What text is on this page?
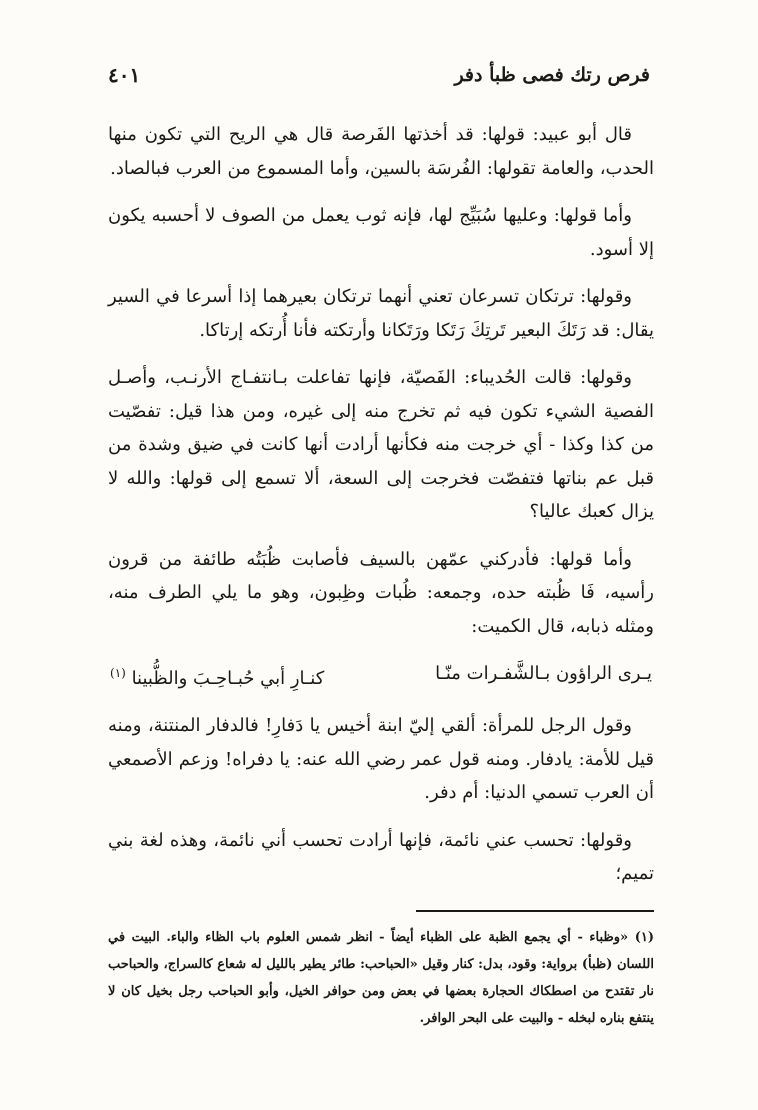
فرص رتك فصى ظبأ دفر
٤٠١

قال أبو عبيد: قولها: قد أخذتها الفَرصة قال هي الريح التي تكون منها الحدب، والعامة تقولها: الفُرسَة بالسين، وأما المسموع من العرب فبالصاد.

وأما قولها: وعليها سُبَيِّج لها، فإنه ثوب يعمل من الصوف لا أحسبه يكون إلا أسود.

وقولها: ترتكان تسرعان تعني أنهما ترتكان بعيرهما إذا أسرعا في السير يقال: قد رَتَكَ البعير تَرتِكَ رَتَكا ورَتَكانا وأرتكته فأنا أُرتكه إرتاكا.

وقولها: قالت الحُديباء: الفَصيّة، فإنها تفاعلت بـانتفـاج الأرنـب، وأصـل الفصية الشيء تكون فيه ثم تخرج منه إلى غيره، ومن هذا قيل: تفصّيت من كذا وكذا - أي خرجت منه فكأنها أرادت أنها كانت في ضيق وشدة من قبل عم بناتها فتفصّت فخرجت إلى السعة، ألا تسمع إلى قولها: والله لا يزال كعبك عاليا؟

وأما قولها: فأدركني عمّهن بالسيف فأصابت ظُبَتُه طائفة من قرون رأسيه، فَا ظُبته حده، وجمعه: ظُبات وظِبون، وهو ما يلي الطرف منه، ومثله ذبابه، قال الكميت:

يـرى الراؤون بـالشَّفـرات منّـا
كنـارِ أبي حُبـاحِـبَ والظُّبينا $^{(١)}$

وقول الرجل للمرأة: ألقي إليّ ابنة أخيس يا دَفارِ! فالدفار المنتنة، ومنه قيل للأمة: يادفار. ومنه قول عمر رضي الله عنه: يا دفراه! وزعم الأصمعي أن العرب تسمي الدنيا: أم دفر.

وقولها: تحسب عني نائمة، فإنها أرادت تحسب أني نائمة، وهذه لغة بني تميم؛

(١) «وظباء - أي يجمع الظبة على الظباء أيضاً - انظر شمس العلوم باب الظاء والباء. البيت في اللسان (ظبأ) برواية: وقود، بدل: كنار وقيل «الحباحب: طائر يطير بالليل له شعاع كالسراج، والحباحب نار تقتدح من اصطكاك الحجارة بعضها في بعض ومن حوافر الخيل، وأبو الحباحب رجل بخيل كان لا ينتفع بناره لبخله - والبيت على البحر الوافر.
